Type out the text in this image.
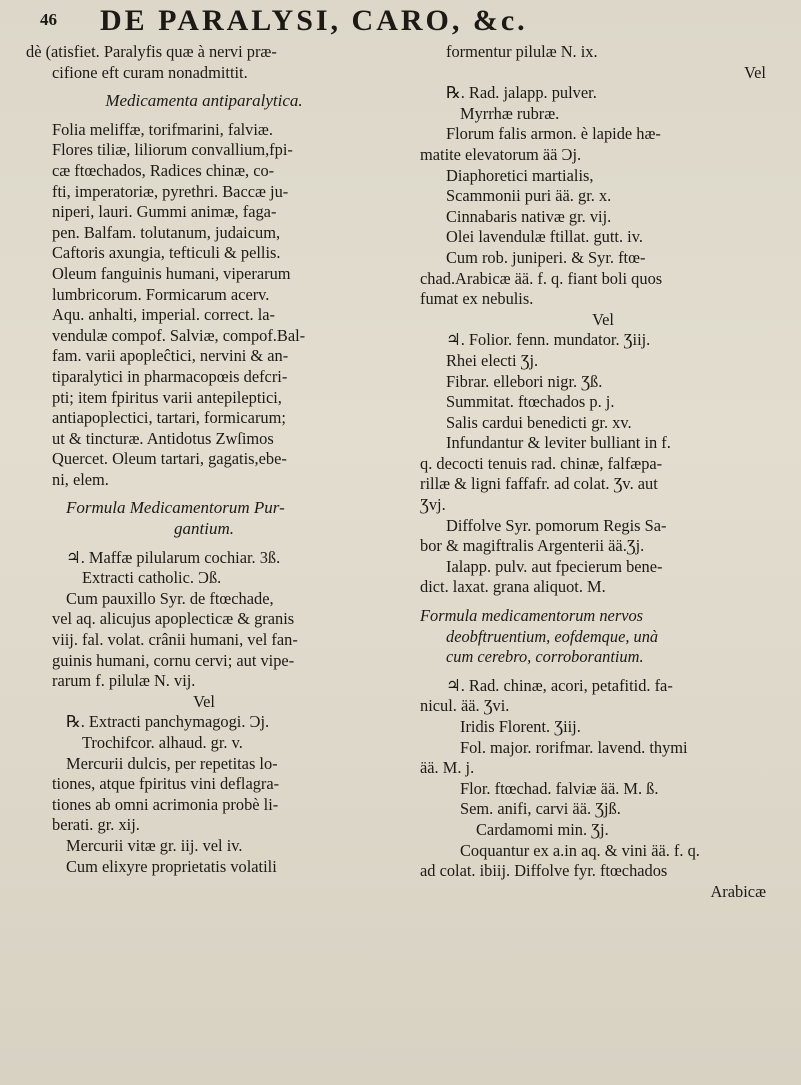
46 DE PARALYSI, CARO, &c.
dè (atisfiet. Paralyfis quæ à nervi præ-
cifione eft curam nonadmittit.
Medicamenta antiparalytica.
Folia meliffæ, torifmarini, falviæ.
Flores tiliæ, liliorum convallium,fpi-
cæ ftœchados, Radices chinæ, co-
fti, imperatoriæ, pyrethri. Baccæ ju-
niperi, lauri. Gummi animæ, faga-
pen. Balfam. tolutanum, judaicum,
Caftoris axungia, tefticuli & pellis.
Oleum fanguinis humani, viperarum
lumbricorum. Formicarum acerv.
Aqu. anhalti, imperial. correct. la-
vendulæ compof. Salviæ, compof.Bal-
fam. varii apopleĉtici, nervini & an-
tiparalytici in pharmacopœis defcri-
pti; item fpiritus varii antepileptici,
antiapoplectici, tartari, formicarum;
ut & tincturæ. Antidotus Zwſimos
Quercet. Oleum tartari, gagatis,ebe-
ni, elem.
Formula Medicamentorum Pur-
gantium.
♃. Maffæ pilularum cochiar. 3ß.
Extracti catholic. Ɔß.
Cum pauxillo Syr. de ftœchade,
vel aq. alicujus apoplecticæ & granis
viij. fal. volat. crânii humani, vel fan-
guinis humani, cornu cervi; aut vipe-
rarum f. pilulæ N. vij.
Vel
℞. Extracti panchymagogi. Ɔj.
Trochifcor. alhaud. gr. v.
Mercurii dulcis, per repetitas lo-
tiones, atque fpiritus vini deflagra-
tiones ab omni acrimonia probè li-
berati. gr. xij.
Mercurii vitæ gr. iij. vel iv.
Cum elixyre proprietatis volatili
formentur pilulæ N. ix.
Vel
℞. Rad. jalapp. pulver.
Myrrhæ rubræ.
Florum falis armon. è lapide hæ-
matite elevatorum ää Ɔj.
Diaphoretici martialis,
Scammonii puri ää. gr. x.
Cinnabaris nativæ gr. vij.
Olei lavendulæ ftillat. gutt. iv.
Cum rob. juniperi. & Syr. ftœ-
chad.Arabicæ ää. f. q. fiant boli quos
fumat ex nebulis.
Vel
♃. Folior. fenn. mundator. Ʒiij.
Rhei electi Ʒj.
Fibrar. ellebori nigr. Ʒß.
Summitat. ftœchados p. j.
Salis cardui benedicti gr. xv.
Infundantur & leviter bulliant in f.
q. decocti tenuis rad. chinæ, falfæpa-
rillæ & ligni faffafr. ad colat. Ʒv. aut
Ʒvj.
Diffolve Syr. pomorum Regis Sa-
bor & magiftralis Argenterii ää.Ʒj.
Ialapp. pulv. aut fpecierum bene-
dict. laxat. grana aliquot. M.
Formula medicamentorum nervos
deobftruentium, eofdemque, unà
cum cerebro, corroborantium.
♃. Rad. chinæ, acori, petafitid. fa-
nicul. ää. Ʒvi.
Iridis Florent. Ʒiij.
Fol. major. rorifmar. lavend. thymi
ää. M. j.
Flor. ftœchad. falviæ ää. M. ß.
Sem. anifi, carvi ää. Ʒjß.
Cardamomi min. Ʒj.
Coquantur ex a.in aq. & vini ää. f. q.
ad colat. ibiij. Diffolve fyr. ftœchados
Arabicæ
